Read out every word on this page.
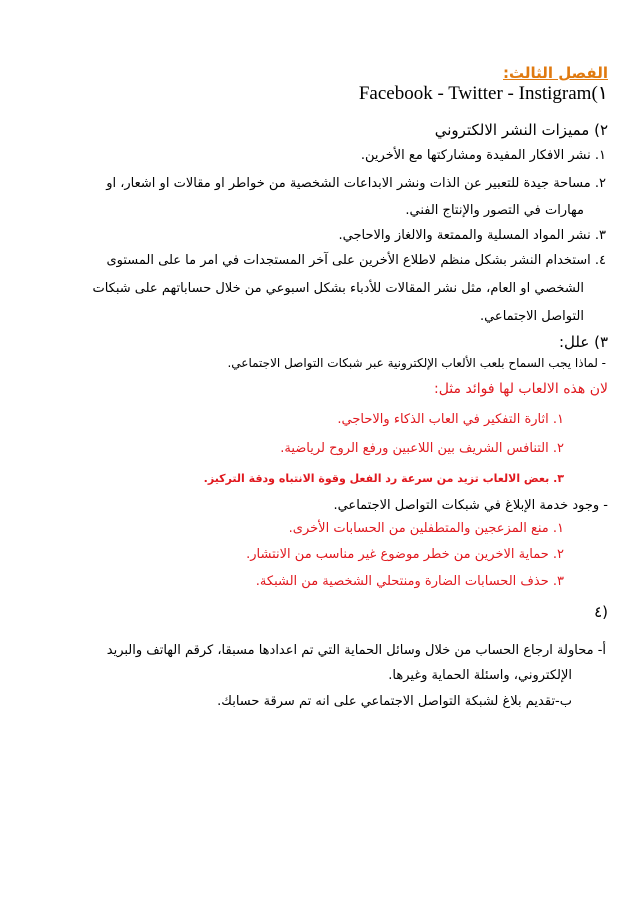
الفصل الثالث:
Facebook - Twitter - Instigram(١
٢) مميزات النشر الالكتروني
١. نشر الافكار المفيدة ومشاركتها مع الأخرين.
٢. مساحة جيدة للتعبير عن الذات ونشر الابداعات الشخصية من خواطر او مقالات او اشعار، او
مهارات في التصور والإنتاج الفني.
٣. نشر المواد المسلية والممتعة والالغاز والاحاجي.
٤. استخدام النشر بشكل منظم لاطلاع الأخرين على آخر المستجدات في امر ما على المستوى
الشخصي او العام، مثل نشر المقالات للأدباء بشكل اسبوعي من خلال حساباتهم على شبكات
التواصل الاجتماعي.
٣) علل:
- لماذا يجب السماح بلعب الألعاب الإلكترونية عبر شبكات التواصل الاجتماعي.
لان هذه الالعاب لها فوائد مثل:
١. اثارة التفكير في العاب الذكاء والاحاجي.
٢. التنافس الشريف بين اللاعبين ورفع الروح لرياضية.
٣. بعض الالعاب تزيد من سرعة رد الفعل وقوة الانتباه ودقة التركيز.
- وجود خدمة الإبلاغ في شبكات التواصل الاجتماعي.
١. منع المزعجين والمتطفلين من الحسابات الأخرى.
٢. حماية الاخرين من خطر موضوع غير مناسب من الانتشار.
٣. حذف الحسابات الضارة ومنتحلي الشخصية من الشبكة.
٤)
أ- محاولة ارجاع الحساب من خلال وسائل الحماية التي تم اعدادها مسبقا، كرقم الهاتف والبريد
الإلكتروني، واسئلة الحماية وغيرها.
ب-تقديم بلاغ لشبكة التواصل الاجتماعي على انه تم سرقة حسابك.
